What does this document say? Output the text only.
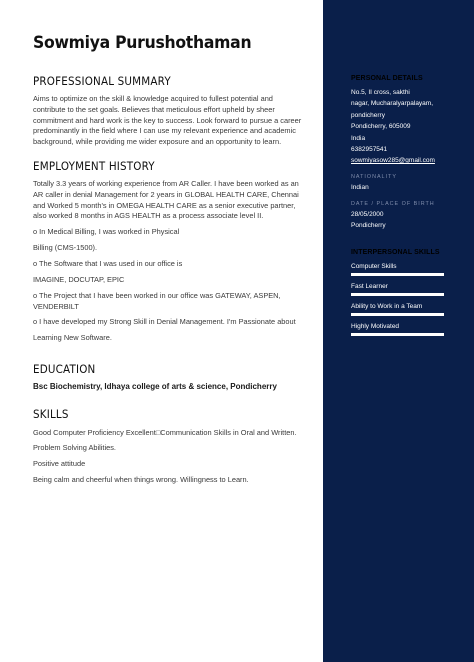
Sowmiya Purushothaman
PROFESSIONAL SUMMARY
Aims to optimize on the skill & knowledge acquired to fullest potential and contribute to the set goals. Believes that meticulous effort upheld by sheer commitment and hard work is the key to success. Look forward to pursue a career predominantly in the field where I can use my relevant experience and academic background, while providing me wider exposure and an opportunity to learn.
EMPLOYMENT HISTORY
Totally 3.3 years of working experience from AR Caller. I have been worked as an AR caller in denial Management for 2 years in GLOBAL HEALTH CARE, Chennai and Worked 5 month's in OMEGA HEALTH CARE as a senior executive partner, also worked 8 months in AGS HEALTH as a process associate level II.
o In Medical Billing, I was worked in Physical
Billing (CMS-1500).
o The Software that I was used in our office is
IMAGINE, DOCUTAP, EPIC
o The Project that I have been worked in our office was GATEWAY, ASPEN,
VENDERBILT
o I have developed my Strong Skill in Denial Management. I'm Passionate about
Learning New Software.
EDUCATION
Bsc Biochemistry, Idhaya college of arts & science, Pondicherry
SKILLS
Good Computer Proficiency Excellent□Communication Skills in Oral and Written.
Problem Solving Abilities.
Positive attitude
Being calm and cheerful when things wrong. Willingness to Learn.
PERSONAL DETAILS
No.5, II cross, sakthi
nagar, Mucharalyarpalayam,
pondicherry
Pondicherry, 605009
India
6382957541
sowmiyasow285@gmail.com
NATIONALITY
Indian
DATE / PLACE OF BIRTH
28/05/2000
Pondicherry
INTERPERSONAL SKILLS
Computer Skills
Fast Learner
Ability to Work in a Team
Highly Motivated
